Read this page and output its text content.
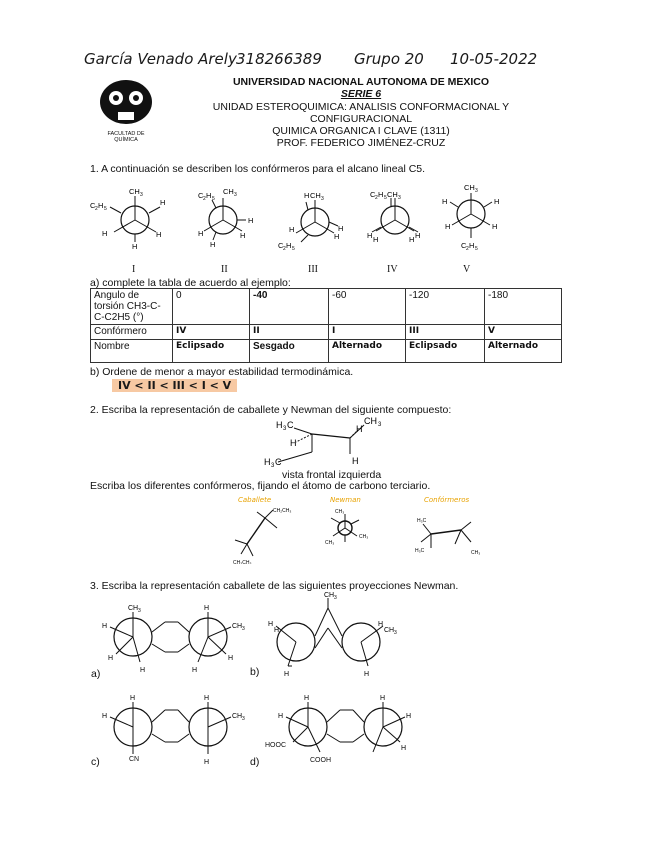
García Venado Arely 318266389 Grupo 20 10-05-2022
FACULTAD DE QUÍMICA
UNIVERSIDAD NACIONAL AUTONOMA DE MEXICO
SERIE 6
UNIDAD ESTEROQUIMICA: ANALISIS CONFORMACIONAL Y
CONFIGURACIONAL
QUIMICA ORGANICA I CLAVE (1311)
PROF. FEDERICO JIMÉNEZ-CRUZ
1. A continuación se describen los confórmeros para el alcano lineal C5.
CH 3
C 2 H 5
H
H	H
H
C 2 H 5
CH 3
H
H	H
H
H CH 3
H	H
H
C 2 H 5
C 2 H 5 CH 3
H H	H
H
CH 3
H	H
H	H
C 2 H 5
I	II	III	IV	V
a) complete la tabla de acuerdo al ejemplo:
Angulo de torsión CH3-C-C-C2H5 (°)	0	-40	-60	-120	-180
Confórmero	IV	II	I	III	V
Nombre	Eclipsado	Sesgado	Alternado	Eclipsado	Alternado
b) Ordene de menor a mayor estabilidad termodinámica.
IV < II < III < I < V
2. Escriba la representación de caballete y Newman del siguiente compuesto:
H 3 C
H
H 3 C
CH 3
H
H
vista frontal izquierda
Escriba los diferentes confórmeros, fijando el átomo de carbono terciario.
Caballete	Newman	Confórmeros
CH₂CH₃
CH₃CH₃
CH₃
CH₃
CH₃
H₃C
H₃C	CH₃
3. Escriba la representación caballete de las siguientes proyecciones Newman.
CH 3
H
H
H
H
CH 3
H
H
CH 3
H
H
H
H
CH 3
H
H
H
H
CH 3
H
H
H
H
H
H
a)	b)
c)	d)
CN	COOH
HOOC
